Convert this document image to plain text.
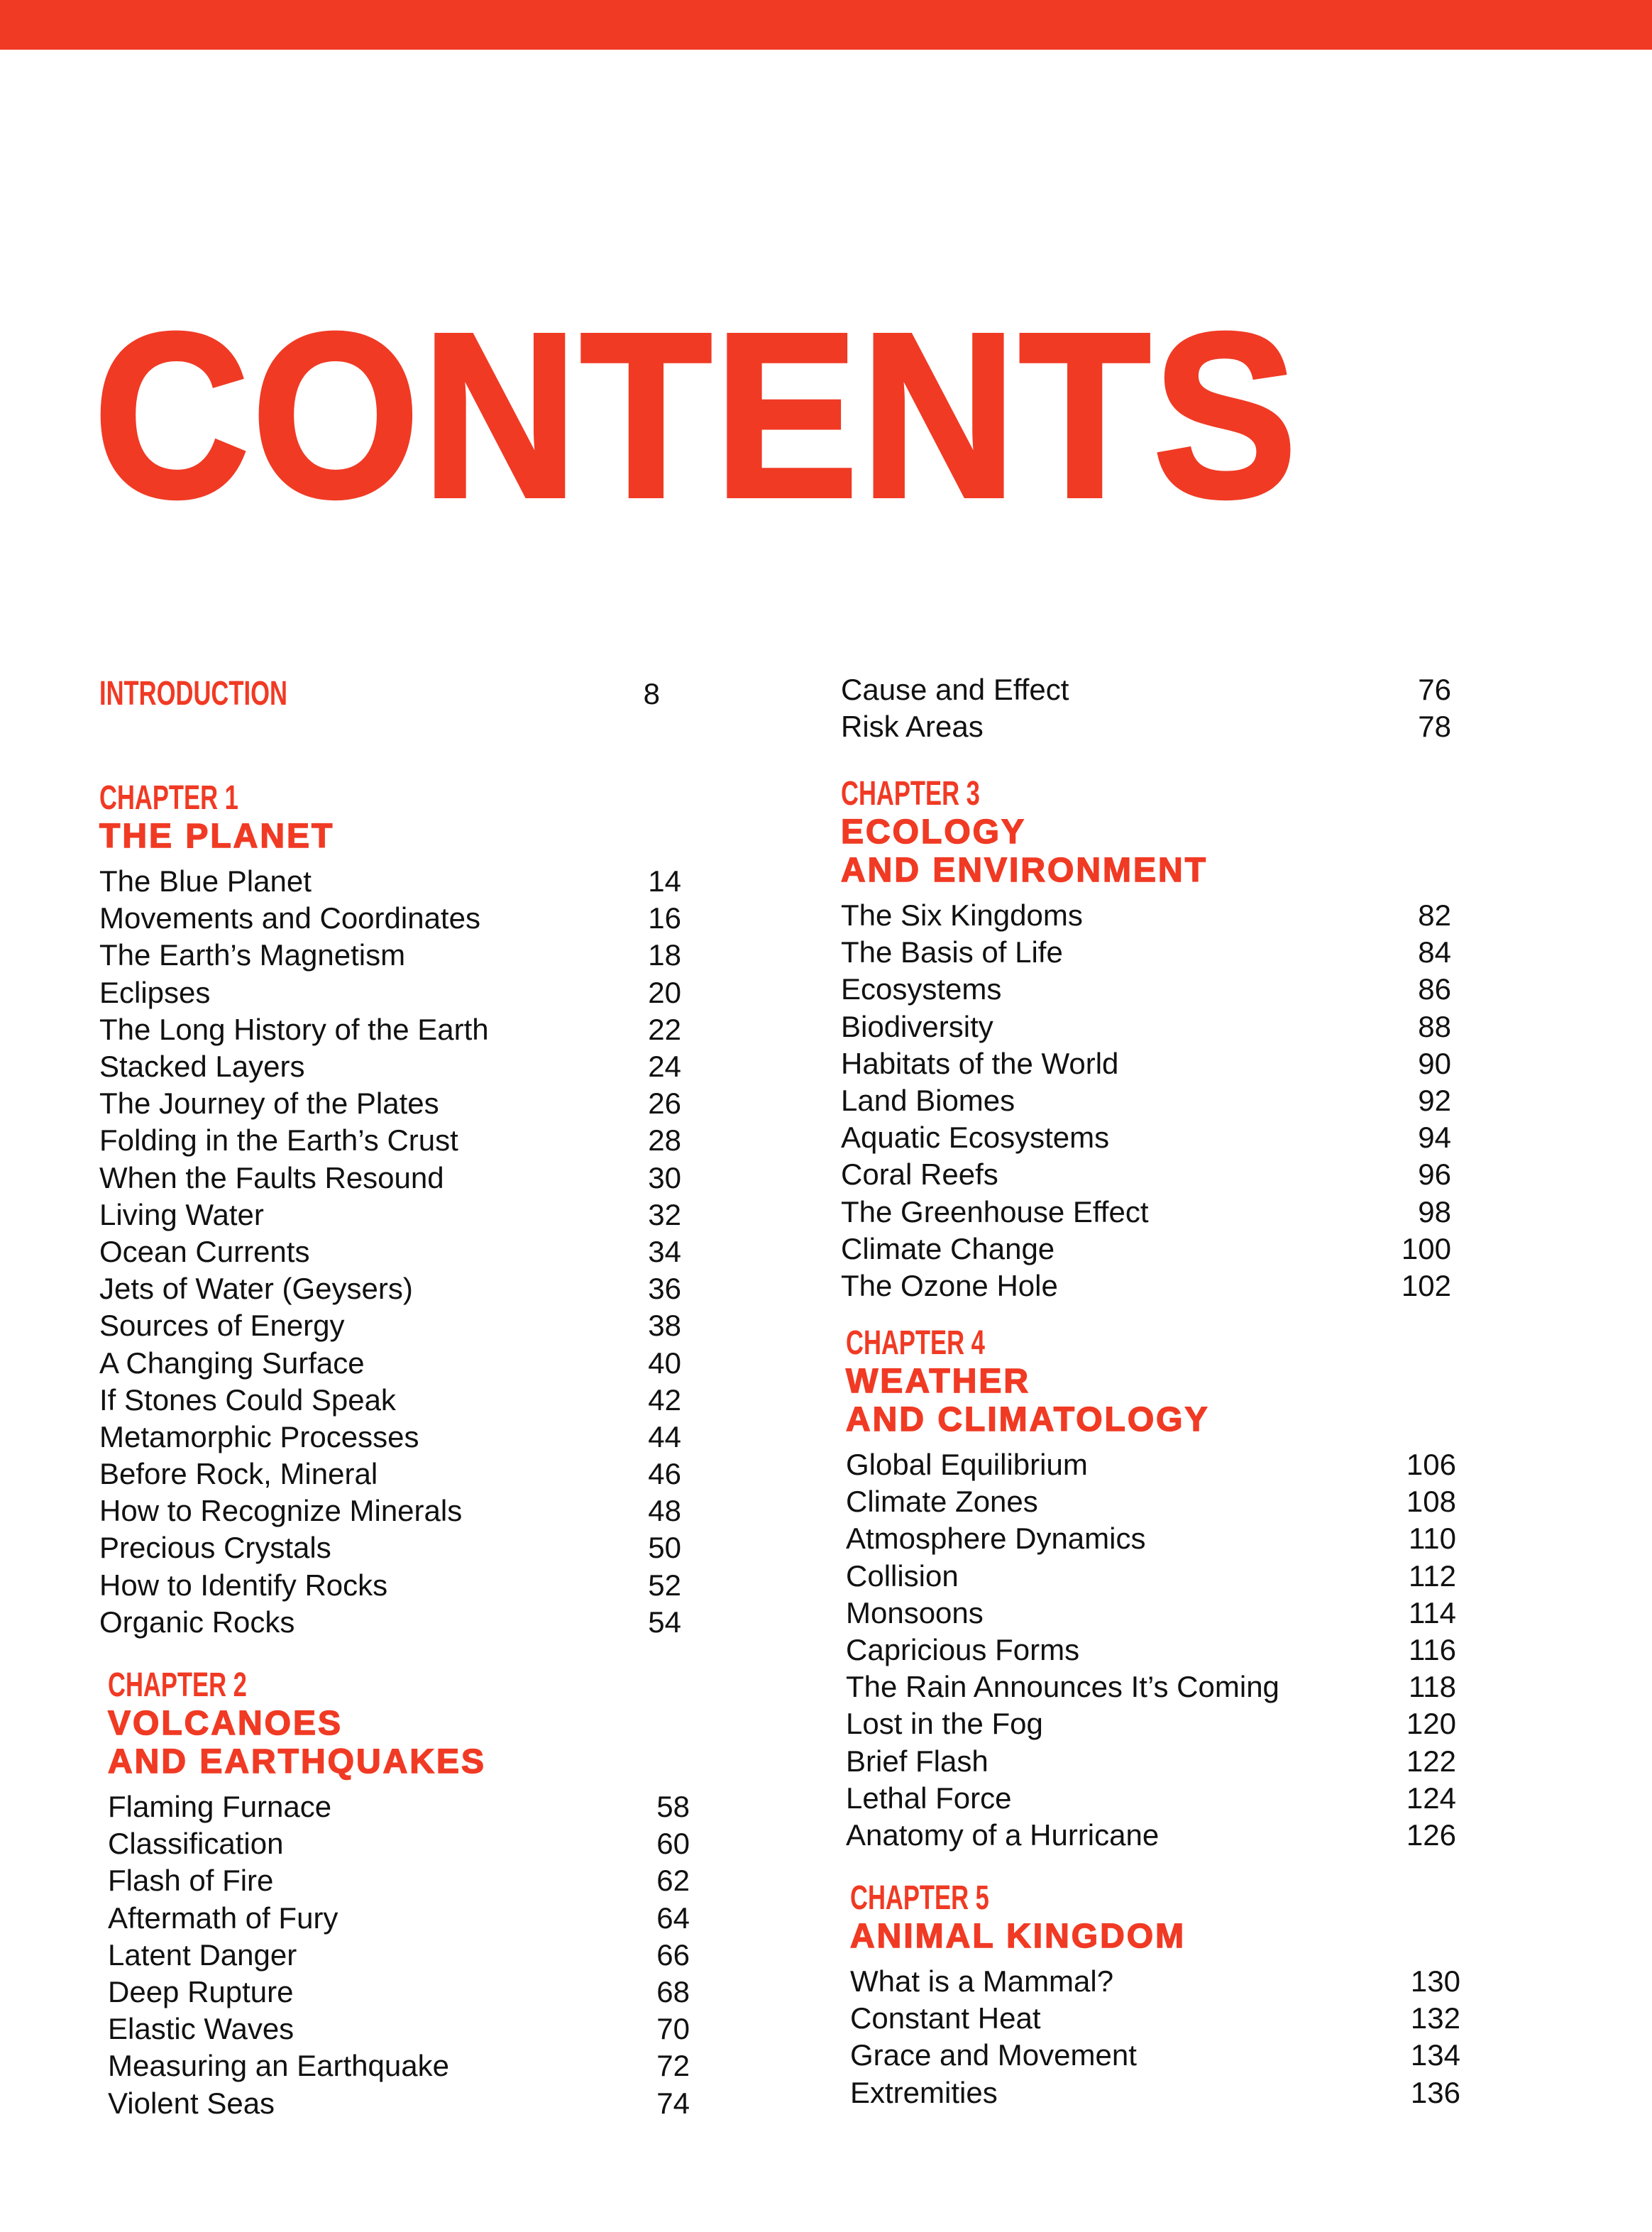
CONTENTS
INTRODUCTION	8
CHAPTER 1
THE PLANET
The Blue Planet	14
Movements and Coordinates	16
The Earth’s Magnetism	18
Eclipses	20
The Long History of the Earth	22
Stacked Layers	24
The Journey of the Plates	26
Folding in the Earth’s Crust	28
When the Faults Resound	30
Living Water	32
Ocean Currents	34
Jets of Water (Geysers)	36
Sources of Energy	38
A Changing Surface	40
If Stones Could Speak	42
Metamorphic Processes	44
Before Rock, Mineral	46
How to Recognize Minerals	48
Precious Crystals	50
How to Identify Rocks	52
Organic Rocks	54
CHAPTER 2
VOLCANOES
AND EARTHQUAKES
Flaming Furnace	58
Classification	60
Flash of Fire	62
Aftermath of Fury	64
Latent Danger	66
Deep Rupture	68
Elastic Waves	70
Measuring an Earthquake	72
Violent Seas	74
Cause and Effect	76
Risk Areas	78
CHAPTER 3
ECOLOGY
AND ENVIRONMENT
The Six Kingdoms	82
The Basis of Life	84
Ecosystems	86
Biodiversity	88
Habitats of the World	90
Land Biomes	92
Aquatic Ecosystems	94
Coral Reefs	96
The Greenhouse Effect	98
Climate Change	100
The Ozone Hole	102
CHAPTER 4
WEATHER
AND CLIMATOLOGY
Global Equilibrium	106
Climate Zones	108
Atmosphere Dynamics	110
Collision	112
Monsoons	114
Capricious Forms	116
The Rain Announces It’s Coming	118
Lost in the Fog	120
Brief Flash	122
Lethal Force	124
Anatomy of a Hurricane	126
CHAPTER 5
ANIMAL KINGDOM
What is a Mammal?	130
Constant Heat	132
Grace and Movement	134
Extremities	136
